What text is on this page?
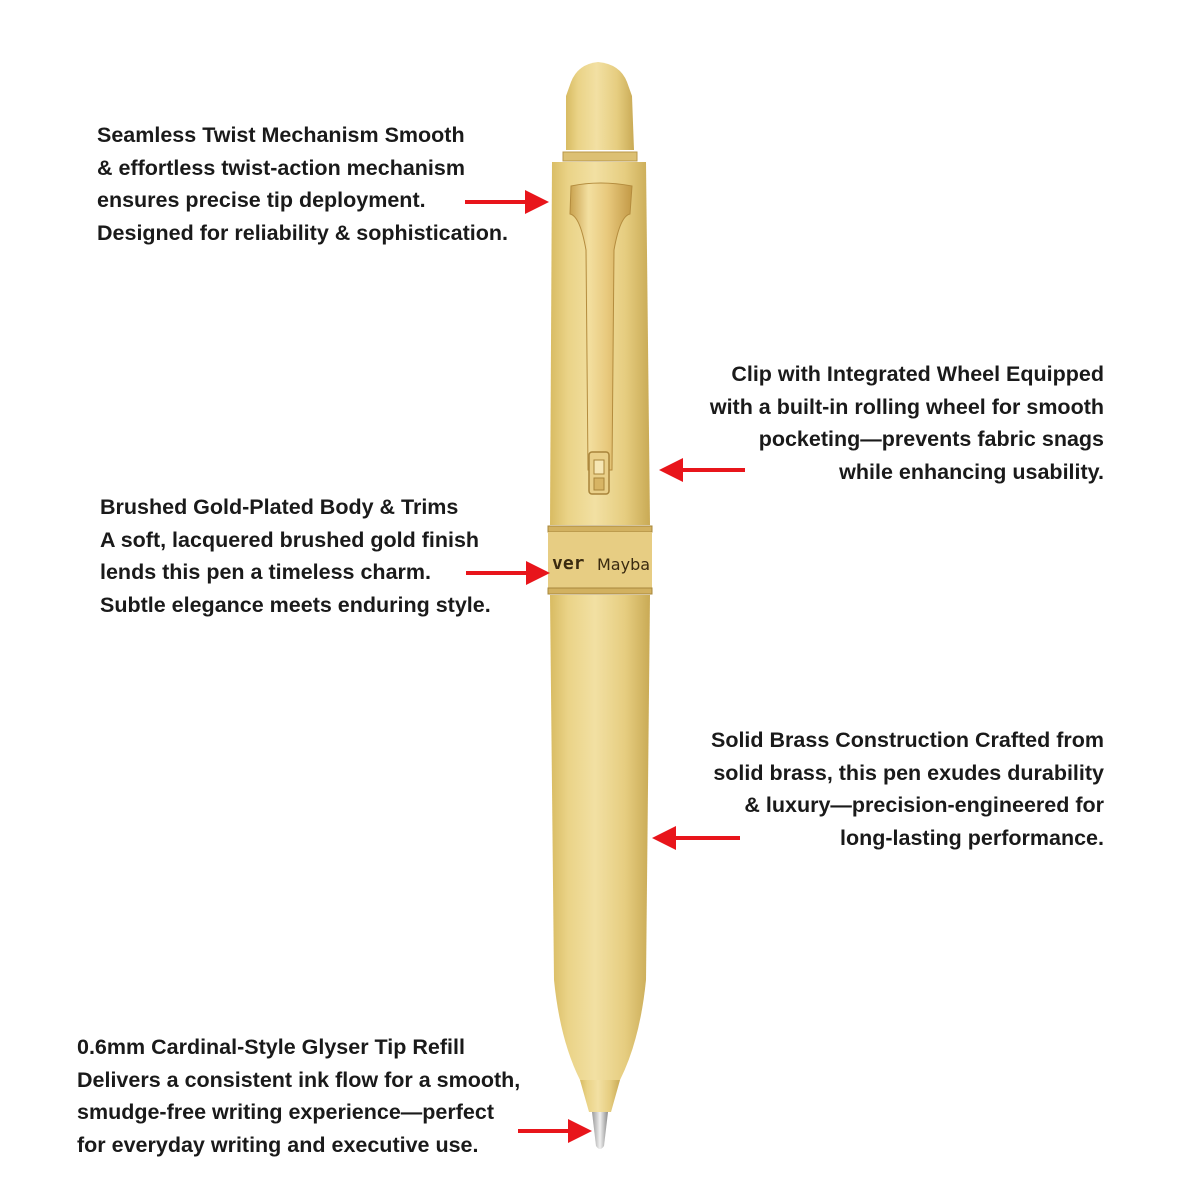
ver Mayba
Seamless Twist Mechanism Smooth
& effortless twist-action mechanism
ensures precise tip deployment.
Designed for reliability & sophistication.
Clip with Integrated Wheel Equipped
with a built-in rolling wheel for smooth
pocketing—prevents fabric snags
while enhancing usability.
Brushed Gold-Plated Body & Trims
A soft, lacquered brushed gold finish
lends this pen a timeless charm.
Subtle elegance meets enduring style.
Solid Brass Construction Crafted from
solid brass, this pen exudes durability
& luxury—precision-engineered for
long-lasting performance.
0.6mm Cardinal-Style Glyser Tip Refill
Delivers a consistent ink flow for a smooth,
smudge-free writing experience—perfect
for everyday writing and executive use.
